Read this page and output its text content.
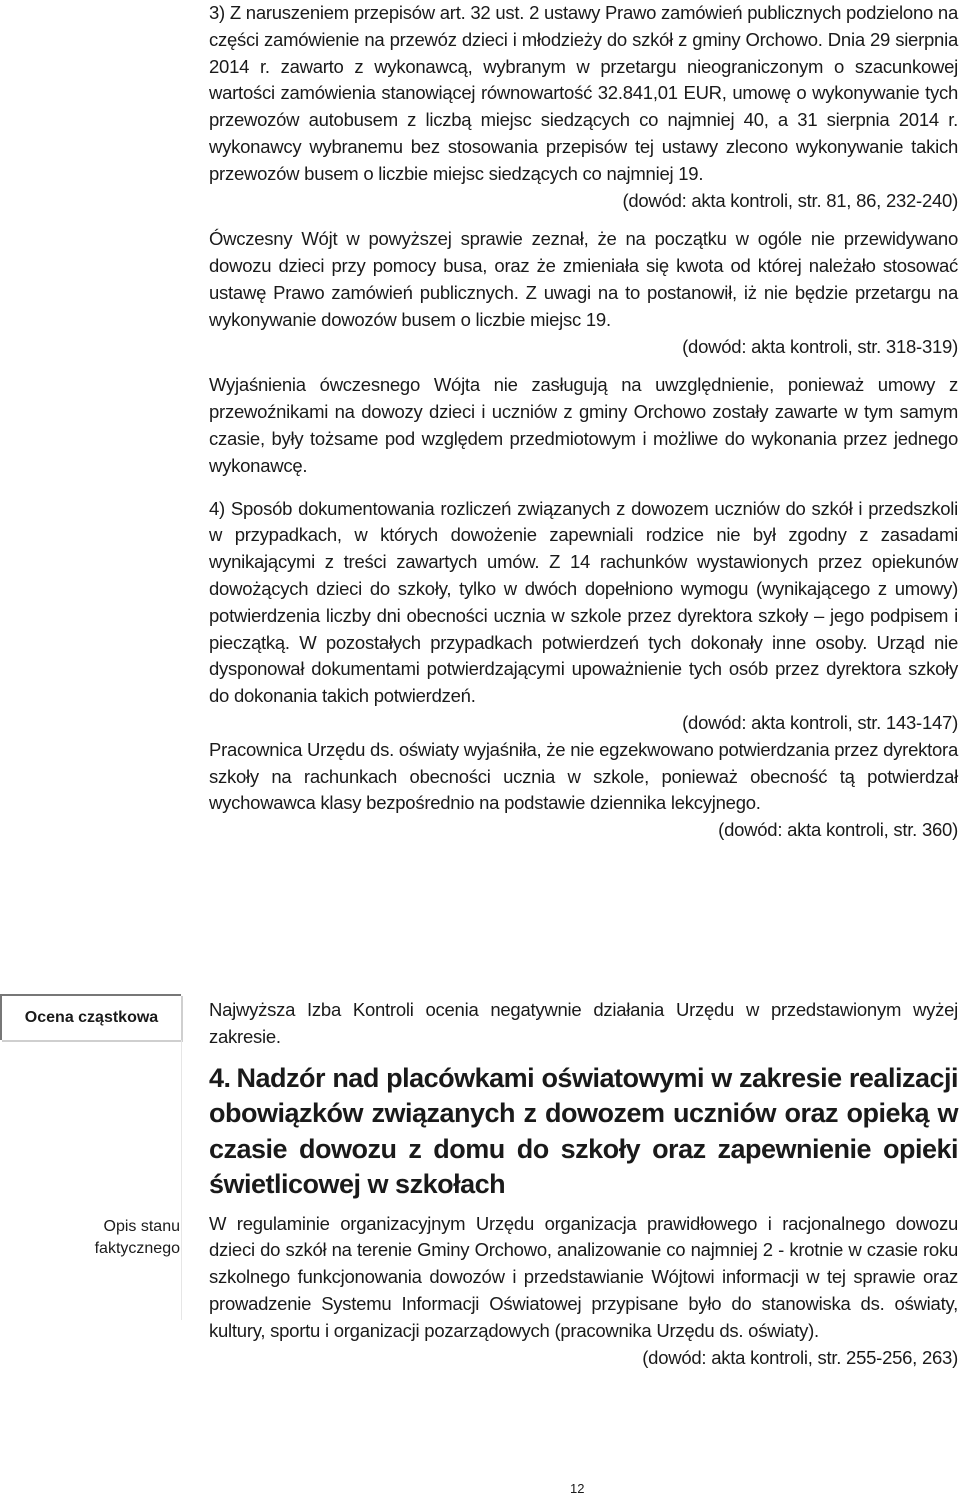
3) Z naruszeniem przepisów art. 32 ust. 2 ustawy Prawo zamówień publicznych podzielono na części zamówienie na przewóz dzieci i młodzieży do szkół z gminy Orchowo. Dnia 29 sierpnia 2014 r. zawarto z wykonawcą, wybranym w przetargu nieograniczonym o szacunkowej wartości zamówienia stanowiącej równowartość 32.841,01 EUR, umowę o wykonywanie tych przewozów autobusem z liczbą miejsc siedzących co najmniej 40, a 31 sierpnia 2014 r. wykonawcy wybranemu bez stosowania przepisów tej ustawy zlecono wykonywanie takich przewozów busem o liczbie miejsc siedzących co najmniej 19.

(dowód: akta kontroli, str. 81, 86, 232-240)

Ówczesny Wójt w powyższej sprawie zeznał, że na początku w ogóle nie przewidywano dowozu dzieci przy pomocy busa, oraz że zmieniała się kwota od której należało stosować ustawę Prawo zamówień publicznych. Z uwagi na to postanowił, iż nie będzie przetargu na wykonywanie dowozów busem o liczbie miejsc 19.

(dowód: akta kontroli, str. 318-319)

Wyjaśnienia ówczesnego Wójta nie zasługują na uwzględnienie, ponieważ umowy z przewoźnikami na dowozy dzieci i uczniów z gminy Orchowo zostały zawarte w tym samym czasie, były tożsame pod względem przedmiotowym i możliwe do wykonania przez jednego wykonawcę.

4) Sposób dokumentowania rozliczeń związanych z dowozem uczniów do szkół i przedszkoli w przypadkach, w których dowożenie zapewniali rodzice nie był zgodny z zasadami wynikającymi z treści zawartych umów. Z 14 rachunków wystawionych przez opiekunów dowożących dzieci do szkoły, tylko w dwóch dopełniono wymogu (wynikającego z umowy) potwierdzenia liczby dni obecności ucznia w szkole przez dyrektora szkoły – jego podpisem i pieczątką. W pozostałych przypadkach potwierdzeń tych dokonały inne osoby. Urząd nie dysponował dokumentami potwierdzającymi upoważnienie tych osób przez dyrektora szkoły do dokonania takich potwierdzeń.

(dowód: akta kontroli, str. 143-147)

Pracownica Urzędu ds. oświaty wyjaśniła, że nie egzekwowano potwierdzania przez dyrektora szkoły na rachunkach obecności ucznia w szkole, ponieważ obecność tą potwierdzał wychowawca klasy bezpośrednio na podstawie dziennika lekcyjnego.

(dowód: akta kontroli, str. 360)

Ocena cząstkowa
Opis stanu faktycznego

Najwyższa Izba Kontroli ocenia negatywnie działania Urzędu w przedstawionym wyżej zakresie.

4. Nadzór nad placówkami oświatowymi w zakresie realizacji obowiązków związanych z dowozem uczniów oraz opieką w czasie dowozu z domu do szkoły oraz zapewnienie opieki świetlicowej w szkołach

W regulaminie organizacyjnym Urzędu organizacja prawidłowego i racjonalnego dowozu dzieci do szkół na terenie Gminy Orchowo, analizowanie co najmniej 2 - krotnie w czasie roku szkolnego funkcjonowania dowozów i przedstawianie Wójtowi informacji w tej sprawie oraz prowadzenie Systemu Informacji Oświatowej przypisane było do stanowiska ds. oświaty, kultury, sportu i organizacji pozarządowych (pracownika Urzędu ds. oświaty).

(dowód: akta kontroli, str. 255-256, 263)

12
